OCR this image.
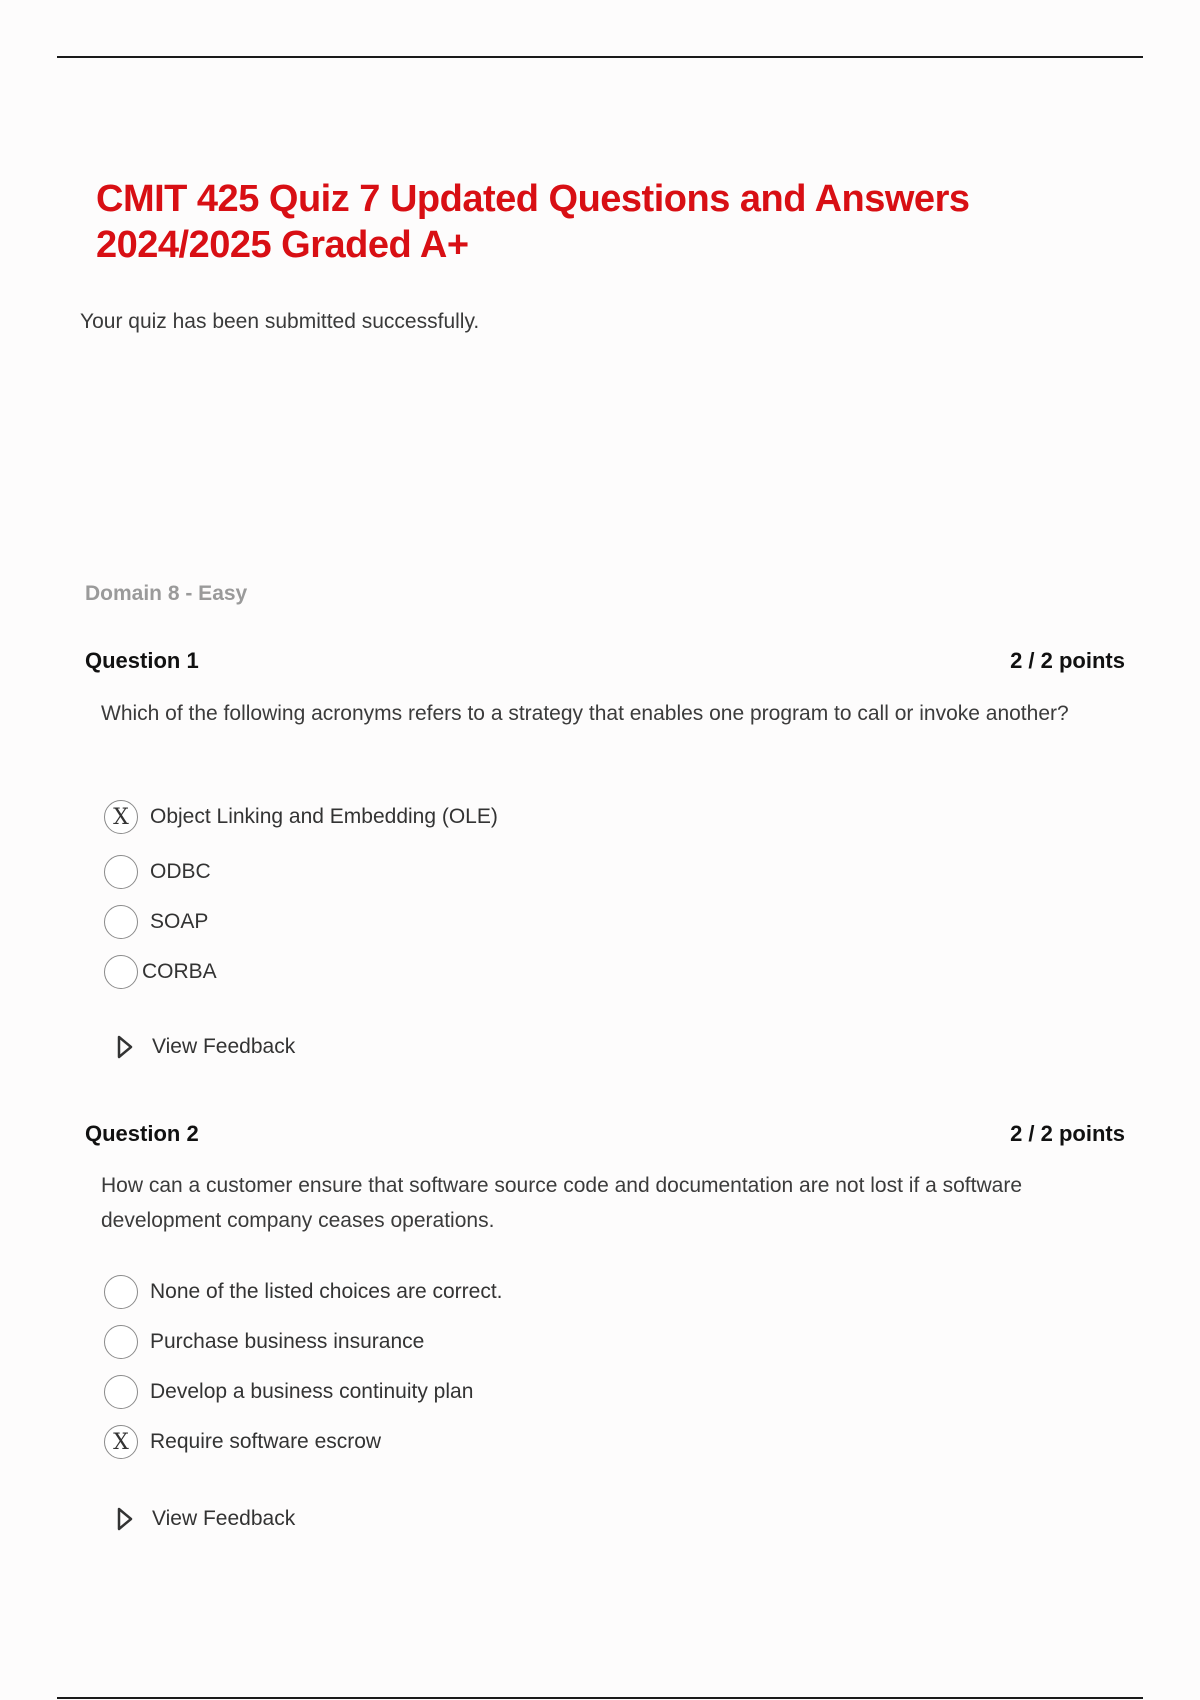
CMIT 425 Quiz 7 Updated Questions and Answers
2024/2025 Graded A+
Your quiz has been submitted successfully.
Domain 8 - Easy
Question 1	2 / 2 points
Which of the following acronyms refers to a strategy that enables one program to call or invoke another?
X	Object Linking and Embedding (OLE)
ODBC
SOAP
CORBA
View Feedback
Question 2	2 / 2 points
How can a customer ensure that software source code and documentation are not lost if a software development company ceases operations.
None of the listed choices are correct.
Purchase business insurance
Develop a business continuity plan
X	Require software escrow
View Feedback
